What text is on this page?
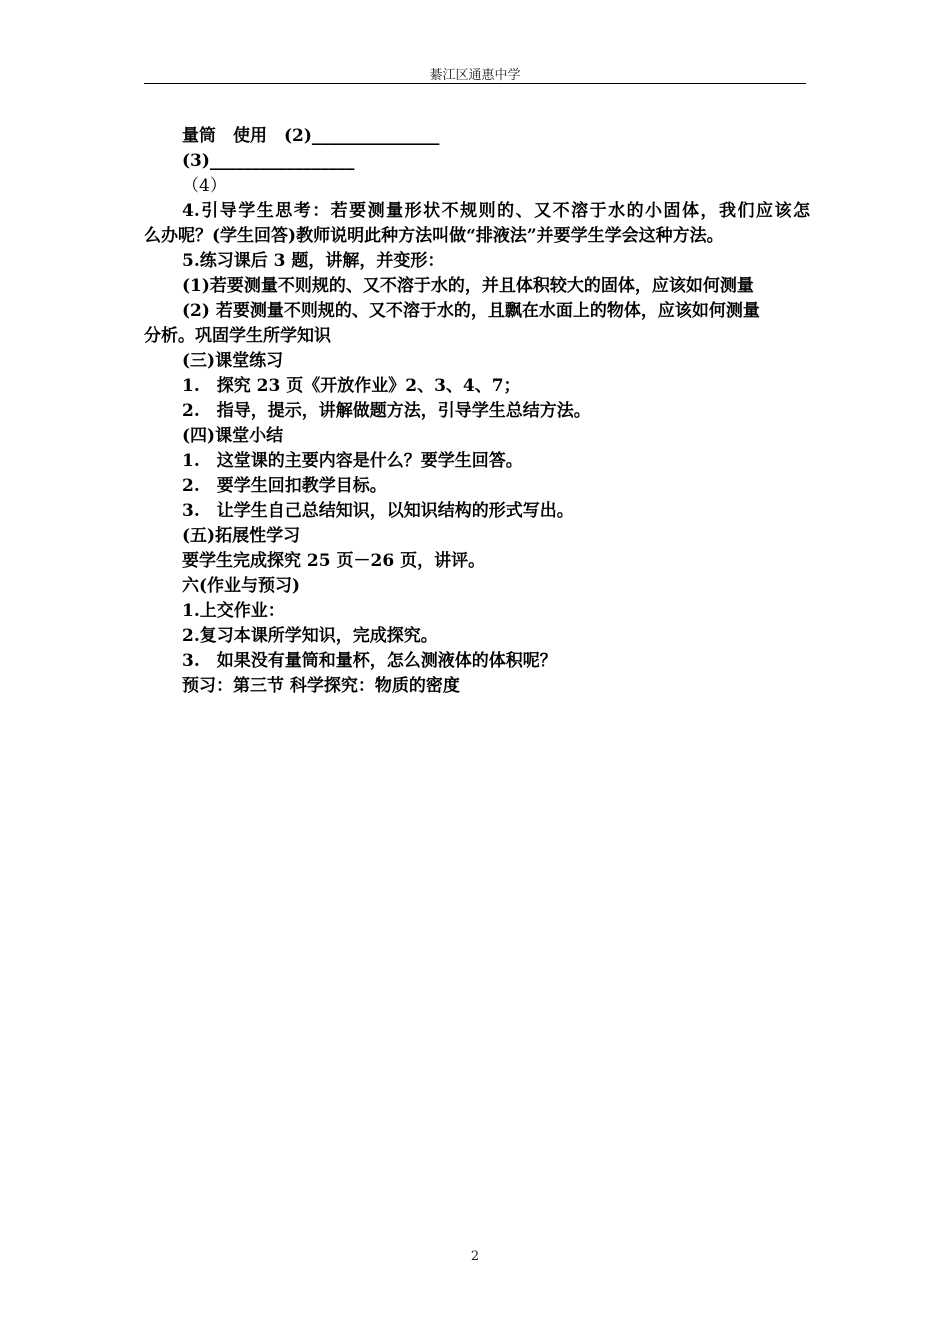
綦江区通惠中学
量筒　使用　(2)_______________
(3)_________________
（4）
4.引导学生思考：若要测量形状不规则的、又不溶于水的小固体，我们应该怎
么办呢？(学生回答)教师说明此种方法叫做“排液法”并要学生学会这种方法。
5.练习课后 3 题，讲解，并变形：
(1)若要测量不则规的、又不溶于水的，并且体积较大的固体，应该如何测量
(2) 若要测量不则规的、又不溶于水的，且飘在水面上的物体，应该如何测量
分析。巩固学生所学知识
(三)课堂练习
1.　探究 23 页《开放作业》2、3、4、7；
2.　指导，提示，讲解做题方法，引导学生总结方法。
(四)课堂小结
1.　这堂课的主要内容是什么？要学生回答。
2.　要学生回扣教学目标。
3.　让学生自己总结知识，以知识结构的形式写出。
(五)拓展性学习
要学生完成探究 25 页－26 页，讲评。
六(作业与预习)
1.上交作业：
2.复习本课所学知识，完成探究。
3.　如果没有量筒和量杯，怎么测液体的体积呢？
预习：第三节 科学探究：物质的密度
2
